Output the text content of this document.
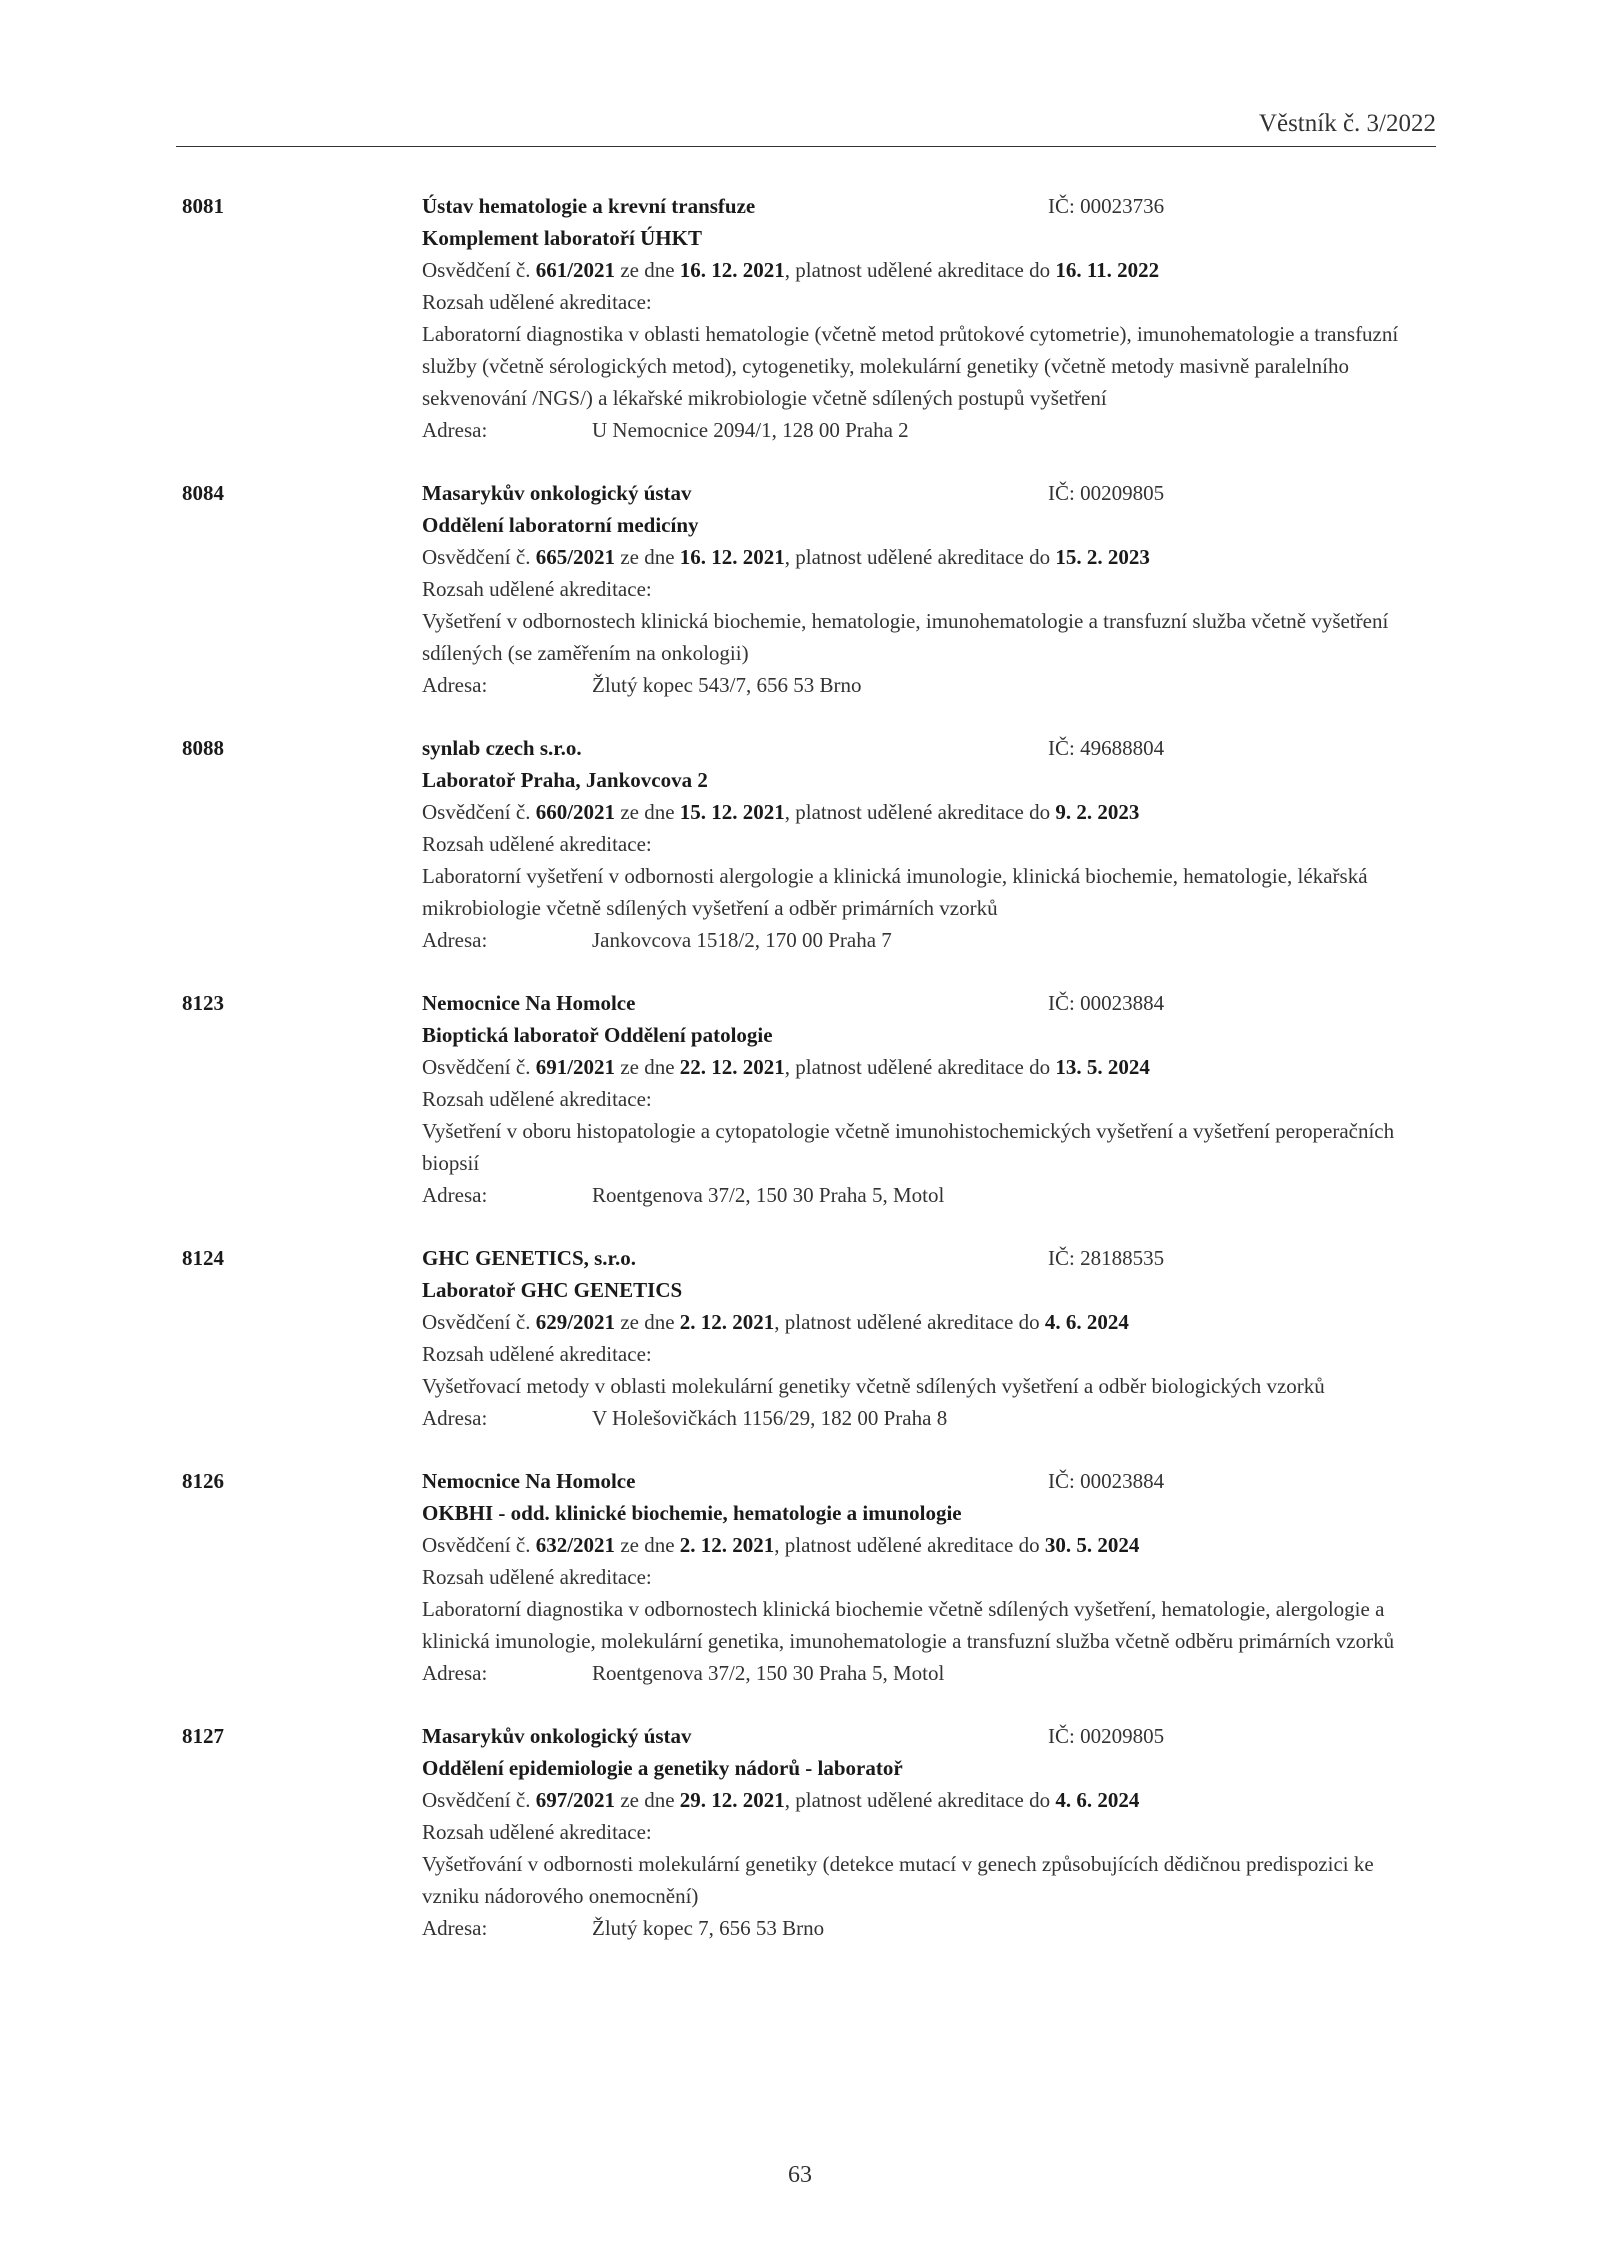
Věstník č. 3/2022
8081	Ústav hematologie a krevní transfuze	IČ: 00023736
Komplement laboratoří ÚHKT
Osvědčení č. 661/2021 ze dne 16. 12. 2021, platnost udělené akreditace do 16. 11. 2022
Rozsah udělené akreditace:
Laboratorní diagnostika v oblasti hematologie (včetně metod průtokové cytometrie), imunohematologie a transfuzní služby (včetně sérologických metod), cytogenetiky, molekulární genetiky (včetně metody masivně paralelního sekvenování /NGS/) a lékařské mikrobiologie včetně sdílených postupů vyšetření
Adresa:	U Nemocnice 2094/1, 128 00 Praha 2
8084	Masarykův onkologický ústav	IČ: 00209805
Oddělení laboratorní medicíny
Osvědčení č. 665/2021 ze dne 16. 12. 2021, platnost udělené akreditace do 15. 2. 2023
Rozsah udělené akreditace:
Vyšetření v odbornostech klinická biochemie, hematologie, imunohematologie a transfuzní služba včetně vyšetření sdílených (se zaměřením na onkologii)
Adresa:	Žlutý kopec 543/7, 656 53 Brno
8088	synlab czech s.r.o.	IČ: 49688804
Laboratoř Praha, Jankovcova 2
Osvědčení č. 660/2021 ze dne 15. 12. 2021, platnost udělené akreditace do 9. 2. 2023
Rozsah udělené akreditace:
Laboratorní vyšetření v odbornosti alergologie a klinická imunologie, klinická biochemie, hematologie, lékařská mikrobiologie včetně sdílených vyšetření a odběr primárních vzorků
Adresa:	Jankovcova 1518/2, 170 00 Praha 7
8123	Nemocnice Na Homolce	IČ: 00023884
Bioptická laboratoř Oddělení patologie
Osvědčení č. 691/2021 ze dne 22. 12. 2021, platnost udělené akreditace do 13. 5. 2024
Rozsah udělené akreditace:
Vyšetření v oboru histopatologie a cytopatologie včetně imunohistochemických vyšetření a vyšetření peroperačních biopsií
Adresa:	Roentgenova 37/2, 150 30 Praha 5, Motol
8124	GHC GENETICS, s.r.o.	IČ: 28188535
Laboratoř GHC GENETICS
Osvědčení č. 629/2021 ze dne 2. 12. 2021, platnost udělené akreditace do 4. 6. 2024
Rozsah udělené akreditace:
Vyšetřovací metody v oblasti molekulární genetiky včetně sdílených vyšetření a odběr biologických vzorků
Adresa:	V Holešovičkách 1156/29, 182 00 Praha 8
8126	Nemocnice Na Homolce	IČ: 00023884
OKBHI - odd. klinické biochemie, hematologie a imunologie
Osvědčení č. 632/2021 ze dne 2. 12. 2021, platnost udělené akreditace do 30. 5. 2024
Rozsah udělené akreditace:
Laboratorní diagnostika v odbornostech klinická biochemie včetně sdílených vyšetření, hematologie, alergologie a klinická imunologie, molekulární genetika, imunohematologie a transfuzní služba včetně odběru primárních vzorků
Adresa:	Roentgenova 37/2, 150 30 Praha 5, Motol
8127	Masarykův onkologický ústav	IČ: 00209805
Oddělení epidemiologie a genetiky nádorů - laboratoř
Osvědčení č. 697/2021 ze dne 29. 12. 2021, platnost udělené akreditace do 4. 6. 2024
Rozsah udělené akreditace:
Vyšetřování v odbornosti molekulární genetiky (detekce mutací v genech způsobujících dědičnou predispozici ke vzniku nádorového onemocnění)
Adresa:	Žlutý kopec 7, 656 53 Brno
63
